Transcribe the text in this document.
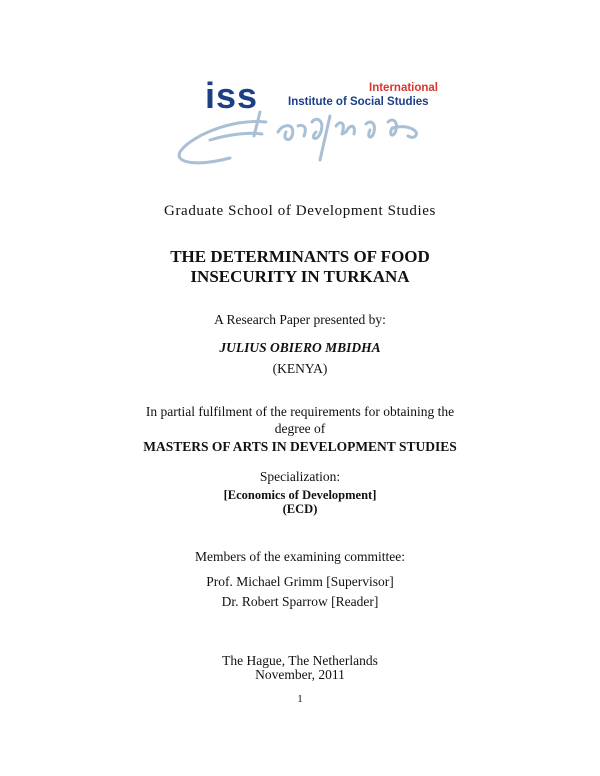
iss	International
Institute of Social Studies
Graduate School of Development Studies
THE DETERMINANTS OF FOOD
INSECURITY IN TURKANA
A Research Paper presented by:
JULIUS OBIERO MBIDHA
(KENYA)
In partial fulfilment of the requirements for obtaining the
degree of
MASTERS OF ARTS IN DEVELOPMENT STUDIES
Specialization:
[Economics of Development]
(ECD)
Members of the examining committee:
Prof. Michael Grimm [Supervisor]
Dr. Robert Sparrow [Reader]
The Hague, The Netherlands
November, 2011
1
